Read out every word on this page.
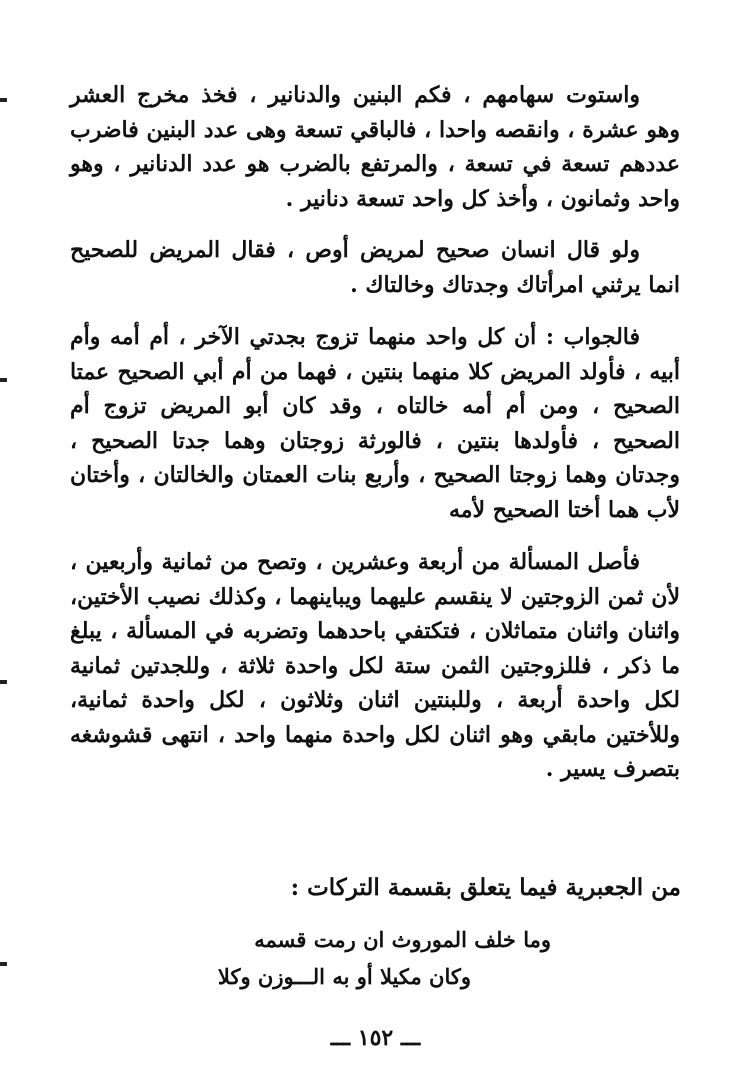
واستوت سهامهم ، فكم البنين والدنانير ، فخذ مخرج العشر وهو عشرة ، وانقصه واحدا ، فالباقي تسعة وهى عدد البنين فاضرب عددهم تسعة في تسعة ، والمرتفع بالضرب هو عدد الدنانير ، وهو واحد وثمانون ، وأخذ كل واحد تسعة دنانير .

ولو قال انسان صحيح لمريض أوص ، فقال المريض للصحيح انما يرثني امرأتاك وجدتاك وخالتاك .

فالجواب : أن كل واحد منهما تزوج بجدتي الآخر ، أم أمه وأم أبيه ، فأولد المريض كلا منهما بنتين ، فهما من أم أبي الصحيح عمتا الصحيح ، ومن أم أمه خالتاه ، وقد كان أبو المريض تزوج أم الصحيح ، فأولدها بنتين ، فالورثة زوجتان وهما جدتا الصحيح ، وجدتان وهما زوجتا الصحيح ، وأربع بنات العمتان والخالتان ، وأختان لأب هما أختا الصحيح لأمه

فأصل المسألة من أربعة وعشرين ، وتصح من ثمانية وأربعين ، لأن ثمن الزوجتين لا ينقسم عليهما ويباينهما ، وكذلك نصيب الأختين، واثنان واثنان متماثلان ، فتكتفي باحدهما وتضربه في المسألة ، يبلغ ما ذكر ، فللزوجتين الثمن ستة لكل واحدة ثلاثة ، وللجدتين ثمانية لكل واحدة أربعة ، وللبنتين اثنان وثلاثون ، لكل واحدة ثمانية، وللأختين مابقي وهو اثنان لكل واحدة منهما واحد ، انتهى قشوشغه بتصرف يسير .

من الجعبرية فيما يتعلق بقسمة التركات :

وما خلف الموروث ان رمت قسمه

وكان مكيلا أو به الـــوزن وكلا

ـــ ١٥٢ ـــ
